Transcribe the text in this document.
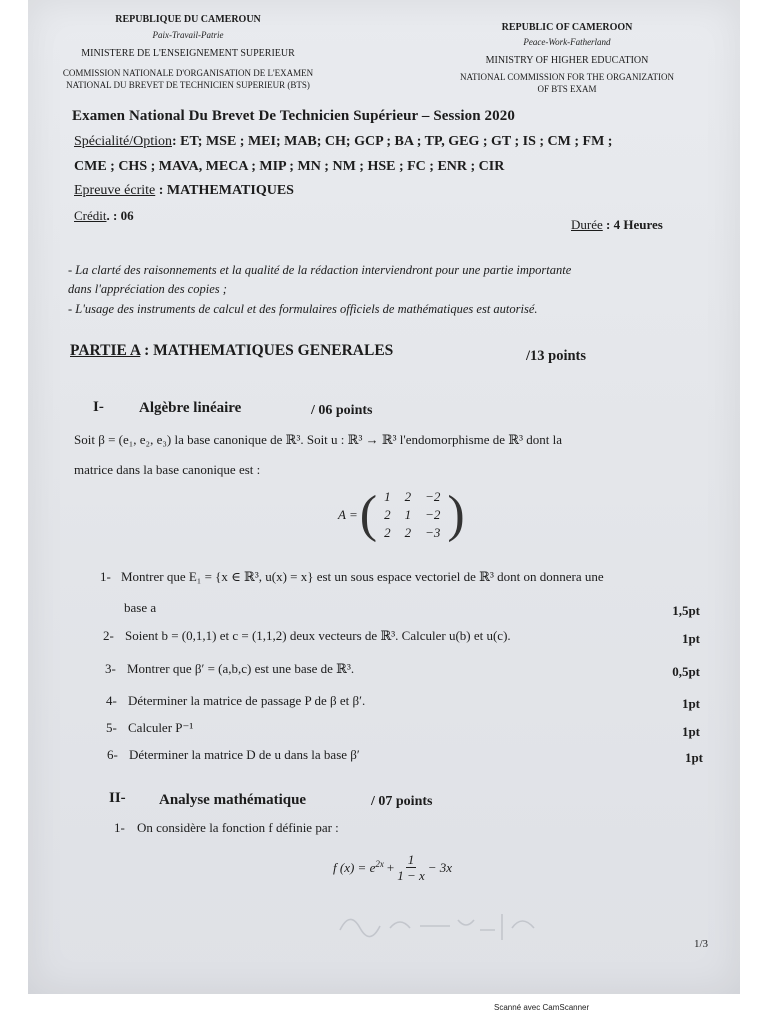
REPUBLIQUE DU CAMEROUN
Paix-Travail-Patrie
MINISTERE DE L'ENSEIGNEMENT SUPERIEUR
COMMISSION NATIONALE D'ORGANISATION DE L'EXAMEN
NATIONAL DU BREVET DE TECHNICIEN SUPERIEUR (BTS)
REPUBLIC OF CAMEROON
Peace-Work-Fatherland
MINISTRY OF HIGHER EDUCATION
NATIONAL COMMISSION FOR THE ORGANIZATION
OF BTS EXAM
Examen National Du Brevet De Technicien Supérieur – Session 2020
Spécialité/Option: ET; MSE ; MEI; MAB; CH; GCP ; BA ; TP, GEG ; GT ; IS ; CM ; FM ;
CME ; CHS ; MAVA, MECA ; MIP ; MN ; NM ; HSE ; FC ; ENR ; CIR
Epreuve écrite : MATHEMATIQUES
Crédit. : 06
Durée : 4 Heures
- La clarté des raisonnements et la qualité de la rédaction interviendront pour une partie importante
dans l'appréciation des copies ;
- L'usage des instruments de calcul et des formulaires officiels de mathématiques est autorisé.
PARTIE A : MATHEMATIQUES GENERALES	/13 points
I- Algèbre linéaire	/ 06 points
Soit β = (e₁, e₂, e₃) la base canonique de ℝ³. Soit u : ℝ³ → ℝ³ l'endomorphisme de ℝ³ dont la
matrice dans la base canonique est :
A = ( 1	2	−2
2	1	−2
2	2	−3 )
1- Montrer que E₁ = {x ∈ ℝ³, u(x) = x} est un sous espace vectoriel de ℝ³ dont on donnera une
base a	1,5pt
2- Soient b = (0,1,1) et c = (1,1,2) deux vecteurs de ℝ³. Calculer u(b) et u(c).	1pt
3- Montrer que β′ = (a,b,c) est une base de ℝ³.	0,5pt
4- Déterminer la matrice de passage P de β et β′.	1pt
5- Calculer P⁻¹	1pt
6- Déterminer la matrice D de u dans la base β′	1pt
II- Analyse mathématique	/ 07 points
1- On considère la fonction f définie par :
f $(x) = e^{2x} + \frac{1}{1 - x} - 3x$
1/3
Scanné avec CamScanner
